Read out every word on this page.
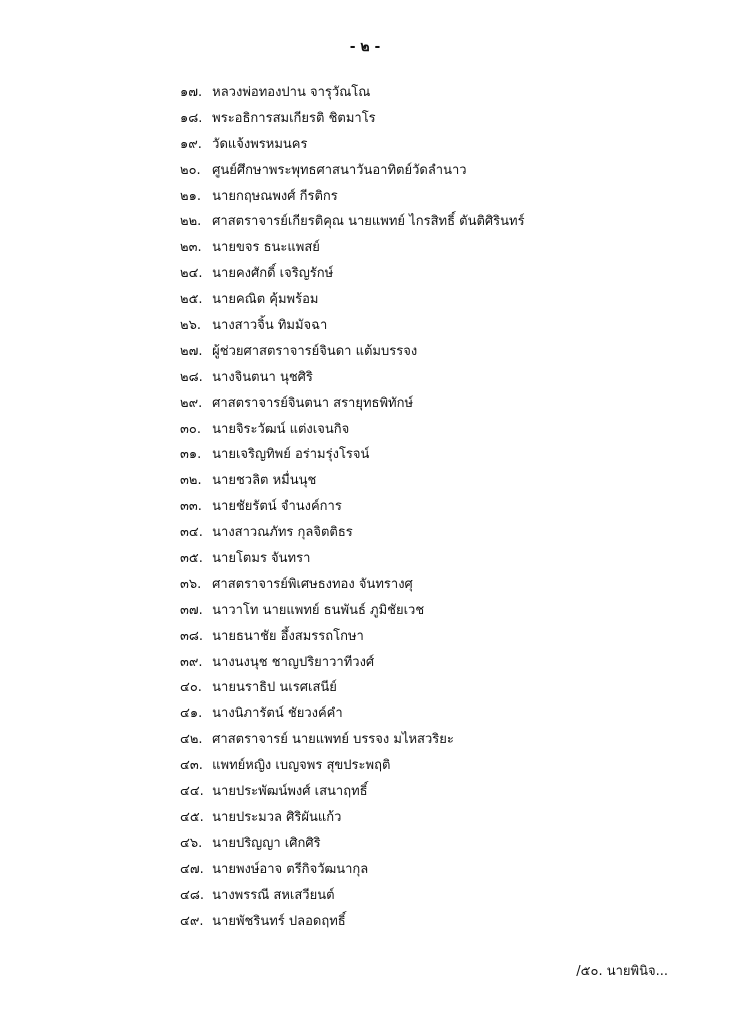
- ๒ -
๑๗. หลวงพ่อทองปาน จารุวัณโณ
๑๘. พระอธิการสมเกียรติ ชิตมาโร
๑๙. วัดแจ้งพรหมนคร
๒๐. ศูนย์ศึกษาพระพุทธศาสนาวันอาทิตย์วัดลำนาว
๒๑. นายกฤษณพงศ์ กีรติกร
๒๒. ศาสตราจารย์เกียรติคุณ นายแพทย์ ไกรสิทธิ์ ตันติศิรินทร์
๒๓. นายขจร ธนะแพสย์
๒๔. นายคงศักดิ์ เจริญรักษ์
๒๕. นายคณิต คุ้มพร้อม
๒๖. นางสาวจิ้น ทิมมัจฉา
๒๗. ผู้ช่วยศาสตราจารย์จินดา แต้มบรรจง
๒๘. นางจินตนา นุชศิริ
๒๙. ศาสตราจารย์จินตนา สรายุทธพิทักษ์
๓๐. นายจิระวัฒน์ แต่งเจนกิจ
๓๑. นายเจริญทิพย์ อร่ามรุ่งโรจน์
๓๒. นายชวลิต หมื่นนุช
๓๓. นายชัยรัตน์ จำนงค์การ
๓๔. นางสาวณภัทร กุลจิตติธร
๓๕. นายโตมร จันทรา
๓๖. ศาสตราจารย์พิเศษธงทอง จันทรางศุ
๓๗. นาวาโท นายแพทย์ ธนพันธ์ ภูมิชัยเวช
๓๘. นายธนาชัย อึ้งสมรรถโกษา
๓๙. นางนงนุช ชาญปริยาวาทีวงศ์
๔๐. นายนราธิป นเรศเสนีย์
๔๑. นางนิภารัตน์ ชัยวงค์คำ
๔๒. ศาสตราจารย์ นายแพทย์ บรรจง มไหสวริยะ
๔๓. แพทย์หญิง เบญจพร สุขประพฤติ
๔๔. นายประพัฒน์พงศ์ เสนาฤทธิ์
๔๕. นายประมวล ศิริผันแก้ว
๔๖. นายปริญญา เศิกศิริ
๔๗. นายพงษ์อาจ ตรีกิจวัฒนากุล
๔๘. นางพรรณี สหเสวียนต์
๔๙. นายพัชรินทร์ ปลอดฤทธิ์
/๕๐. นายพินิจ...
